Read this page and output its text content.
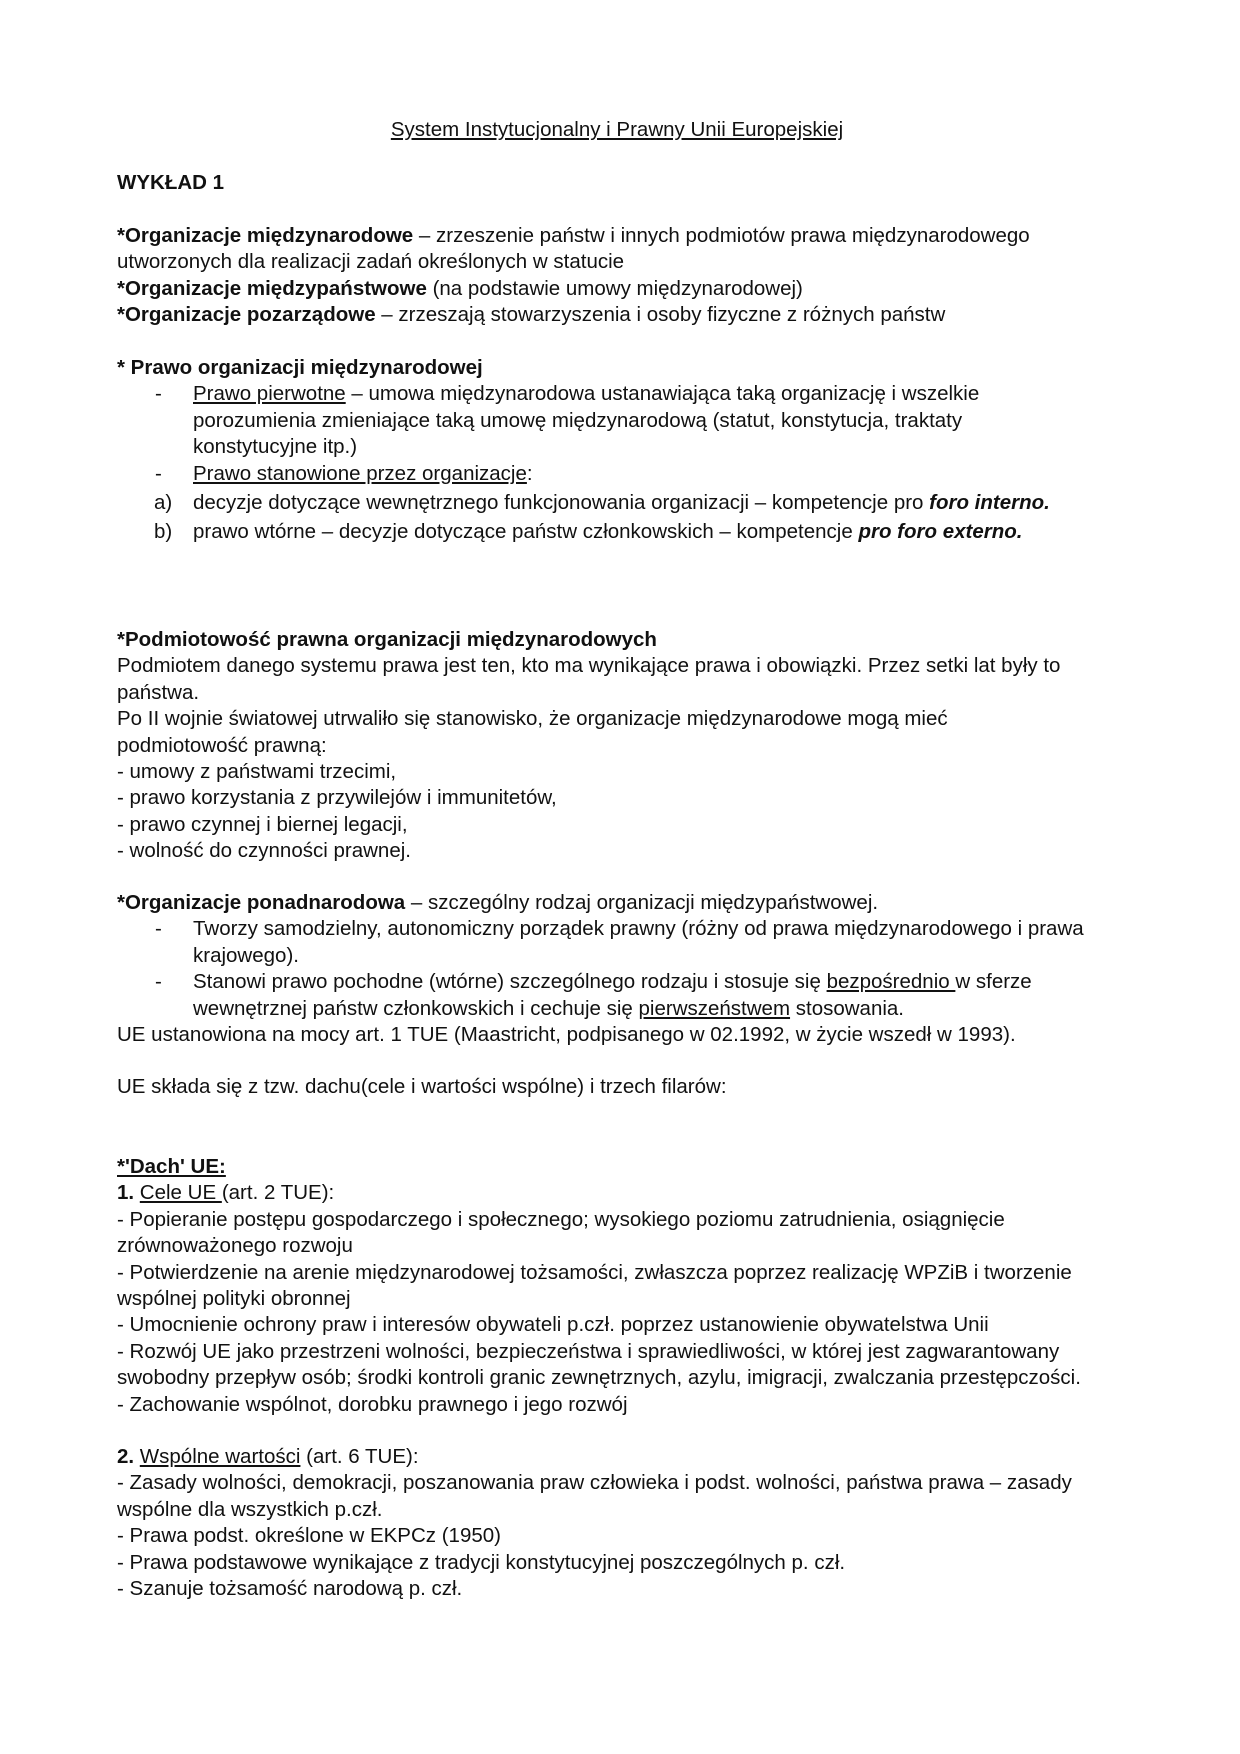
System Instytucjonalny i Prawny Unii Europejskiej
WYKŁAD 1

*Organizacje międzynarodowe – zrzeszenie państw i innych podmiotów prawa międzynarodowego utworzonych dla realizacji zadań określonych w statucie

*Organizacje międzypaństwowe (na podstawie umowy międzynarodowej)

*Organizacje pozarządowe – zrzeszają stowarzyszenia i osoby fizyczne z różnych państw

* Prawo organizacji międzynarodowej

- Prawo pierwotne – umowa międzynarodowa ustanawiająca taką organizację i wszelkie porozumienia zmieniające taką umowę międzynarodową (statut, konstytucja, traktaty konstytucyjne itp.)
- Prawo stanowione przez organizacje:
a) decyzje dotyczące wewnętrznego funkcjonowania organizacji – kompetencje pro foro interno.
b) prawo wtórne – decyzje dotyczące państw członkowskich – kompetencje pro foro externo.

*Podmiotowość prawna organizacji międzynarodowych

Podmiotem danego systemu prawa jest ten, kto ma wynikające prawa i obowiązki. Przez setki lat były to państwa.

Po II wojnie światowej utrwaliło się stanowisko, że organizacje międzynarodowe mogą mieć podmiotowość prawną:

- umowy z państwami trzecimi,

- prawo korzystania z przywilejów i immunitetów,

- prawo czynnej i biernej legacji,

- wolność do czynności prawnej.

*Organizacje ponadnarodowa – szczególny rodzaj organizacji międzypaństwowej.

- Tworzy samodzielny, autonomiczny porządek prawny (różny od prawa międzynarodowego i prawa krajowego).
- Stanowi prawo pochodne (wtórne) szczególnego rodzaju i stosuje się bezpośrednio w sferze wewnętrznej państw członkowskich i cechuje się pierwszeństwem stosowania.

UE ustanowiona na mocy art. 1 TUE (Maastricht, podpisanego w 02.1992, w życie wszedł w 1993).

UE składa się z tzw. dachu(cele i wartości wspólne) i trzech filarów:

*'Dach' UE:

1. Cele UE (art. 2 TUE):

- Popieranie postępu gospodarczego i społecznego; wysokiego poziomu zatrudnienia, osiągnięcie zrównoważonego rozwoju

- Potwierdzenie na arenie międzynarodowej tożsamości, zwłaszcza poprzez realizację WPZiB i tworzenie wspólnej polityki obronnej

- Umocnienie ochrony praw i interesów obywateli p.czł. poprzez ustanowienie obywatelstwa Unii

- Rozwój UE jako przestrzeni wolności, bezpieczeństwa i sprawiedliwości, w której jest zagwarantowany swobodny przepływ osób; środki kontroli granic zewnętrznych, azylu, imigracji, zwalczania przestępczości.

- Zachowanie wspólnot, dorobku prawnego i jego rozwój

2. Wspólne wartości (art. 6 TUE):

- Zasady wolności, demokracji, poszanowania praw człowieka i podst. wolności, państwa prawa – zasady wspólne dla wszystkich p.czł.

- Prawa podst. określone w EKPCz (1950)

- Prawa podstawowe wynikające z tradycji konstytucyjnej poszczególnych p. czł.

- Szanuje tożsamość narodową p. czł.
